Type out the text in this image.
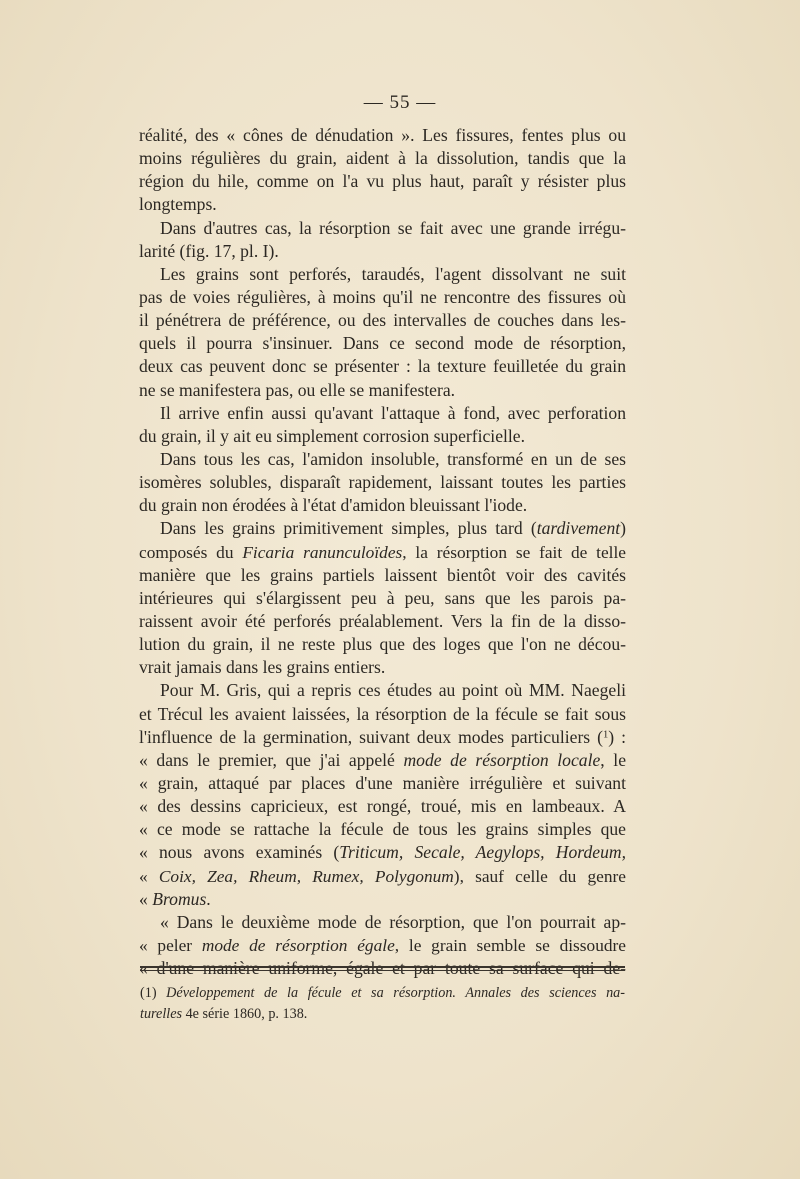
— 55 —
réalité, des « cônes de dénudation ». Les fissures, fentes plus ou
moins régulières du grain, aident à la dissolution, tandis que la
région du hile, comme on l'a vu plus haut, paraît y résister plus
longtemps.
Dans d'autres cas, la résorption se fait avec une grande irrégu-
larité (fig. 17, pl. I).
Les grains sont perforés, taraudés, l'agent dissolvant ne suit
pas de voies régulières, à moins qu'il ne rencontre des fissures où
il pénétrera de préférence, ou des intervalles de couches dans les-
quels il pourra s'insinuer. Dans ce second mode de résorption,
deux cas peuvent donc se présenter : la texture feuilletée du grain
ne se manifestera pas, ou elle se manifestera.
Il arrive enfin aussi qu'avant l'attaque à fond, avec perforation
du grain, il y ait eu simplement corrosion superficielle.
Dans tous les cas, l'amidon insoluble, transformé en un de ses
isomères solubles, disparaît rapidement, laissant toutes les parties
du grain non érodées à l'état d'amidon bleuissant l'iode.
Dans les grains primitivement simples, plus tard (tardivement)
composés du Ficaria ranunculoïdes, la résorption se fait de telle
manière que les grains partiels laissent bientôt voir des cavités
intérieures qui s'élargissent peu à peu, sans que les parois pa-
raissent avoir été perforés préalablement. Vers la fin de la disso-
lution du grain, il ne reste plus que des loges que l'on ne décou-
vrait jamais dans les grains entiers.
Pour M. Gris, qui a repris ces études au point où MM. Naegeli
et Trécul les avaient laissées, la résorption de la fécule se fait sous
l'influence de la germination, suivant deux modes particuliers ($^1$) :
« dans le premier, que j'ai appelé mode de résorption locale, le
« grain, attaqué par places d'une manière irrégulière et suivant
« des dessins capricieux, est rongé, troué, mis en lambeaux. A
« ce mode se rattache la fécule de tous les grains simples que
« nous avons examinés (Triticum, Secale, Aegylops, Hordeum,
« Coix, Zea, Rheum, Rumex, Polygonum), sauf celle du genre
« Bromus.
« Dans le deuxième mode de résorption, que l'on pourrait ap-
« peler mode de résorption égale, le grain semble se dissoudre
« d'une manière uniforme, égale et par toute sa surface qui de-
(1) Développement de la fécule et sa résorption. Annales des sciences na-
turelles 4e série 1860, p. 138.
